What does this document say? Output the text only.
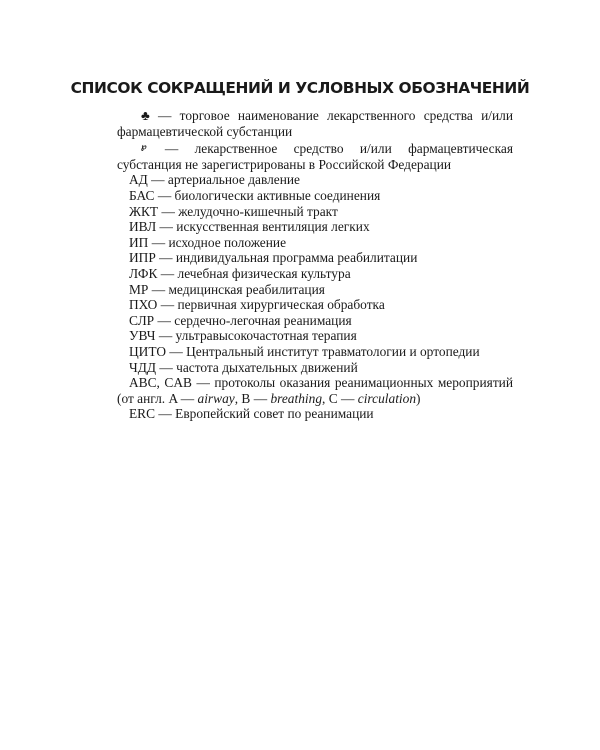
СПИСОК СОКРАЩЕНИЙ И УСЛОВНЫХ ОБОЗНАЧЕНИЙ

♣ — торговое наименование лекарственного средства и/или фармацевтической субстанции

℘ — лекарственное средство и/или фармацевтическая субстанция не зарегистрированы в Российской Федерации

АД — артериальное давление

БАС — биологически активные соединения

ЖКТ — желудочно-кишечный тракт

ИВЛ — искусственная вентиляция легких

ИП — исходное положение

ИПР — индивидуальная программа реабилитации

ЛФК — лечебная физическая культура

МР — медицинская реабилитация

ПХО — первичная хирургическая обработка

СЛР — сердечно-легочная реанимация

УВЧ — ультравысокочастотная терапия

ЦИТО — Центральный институт травматологии и ортопедии

ЧДД — частота дыхательных движений

ABC, CAB — протоколы оказания реанимационных мероприятий (от англ. A — airway, B — breathing, C — circulation)

ERC — Европейский совет по реанимации
